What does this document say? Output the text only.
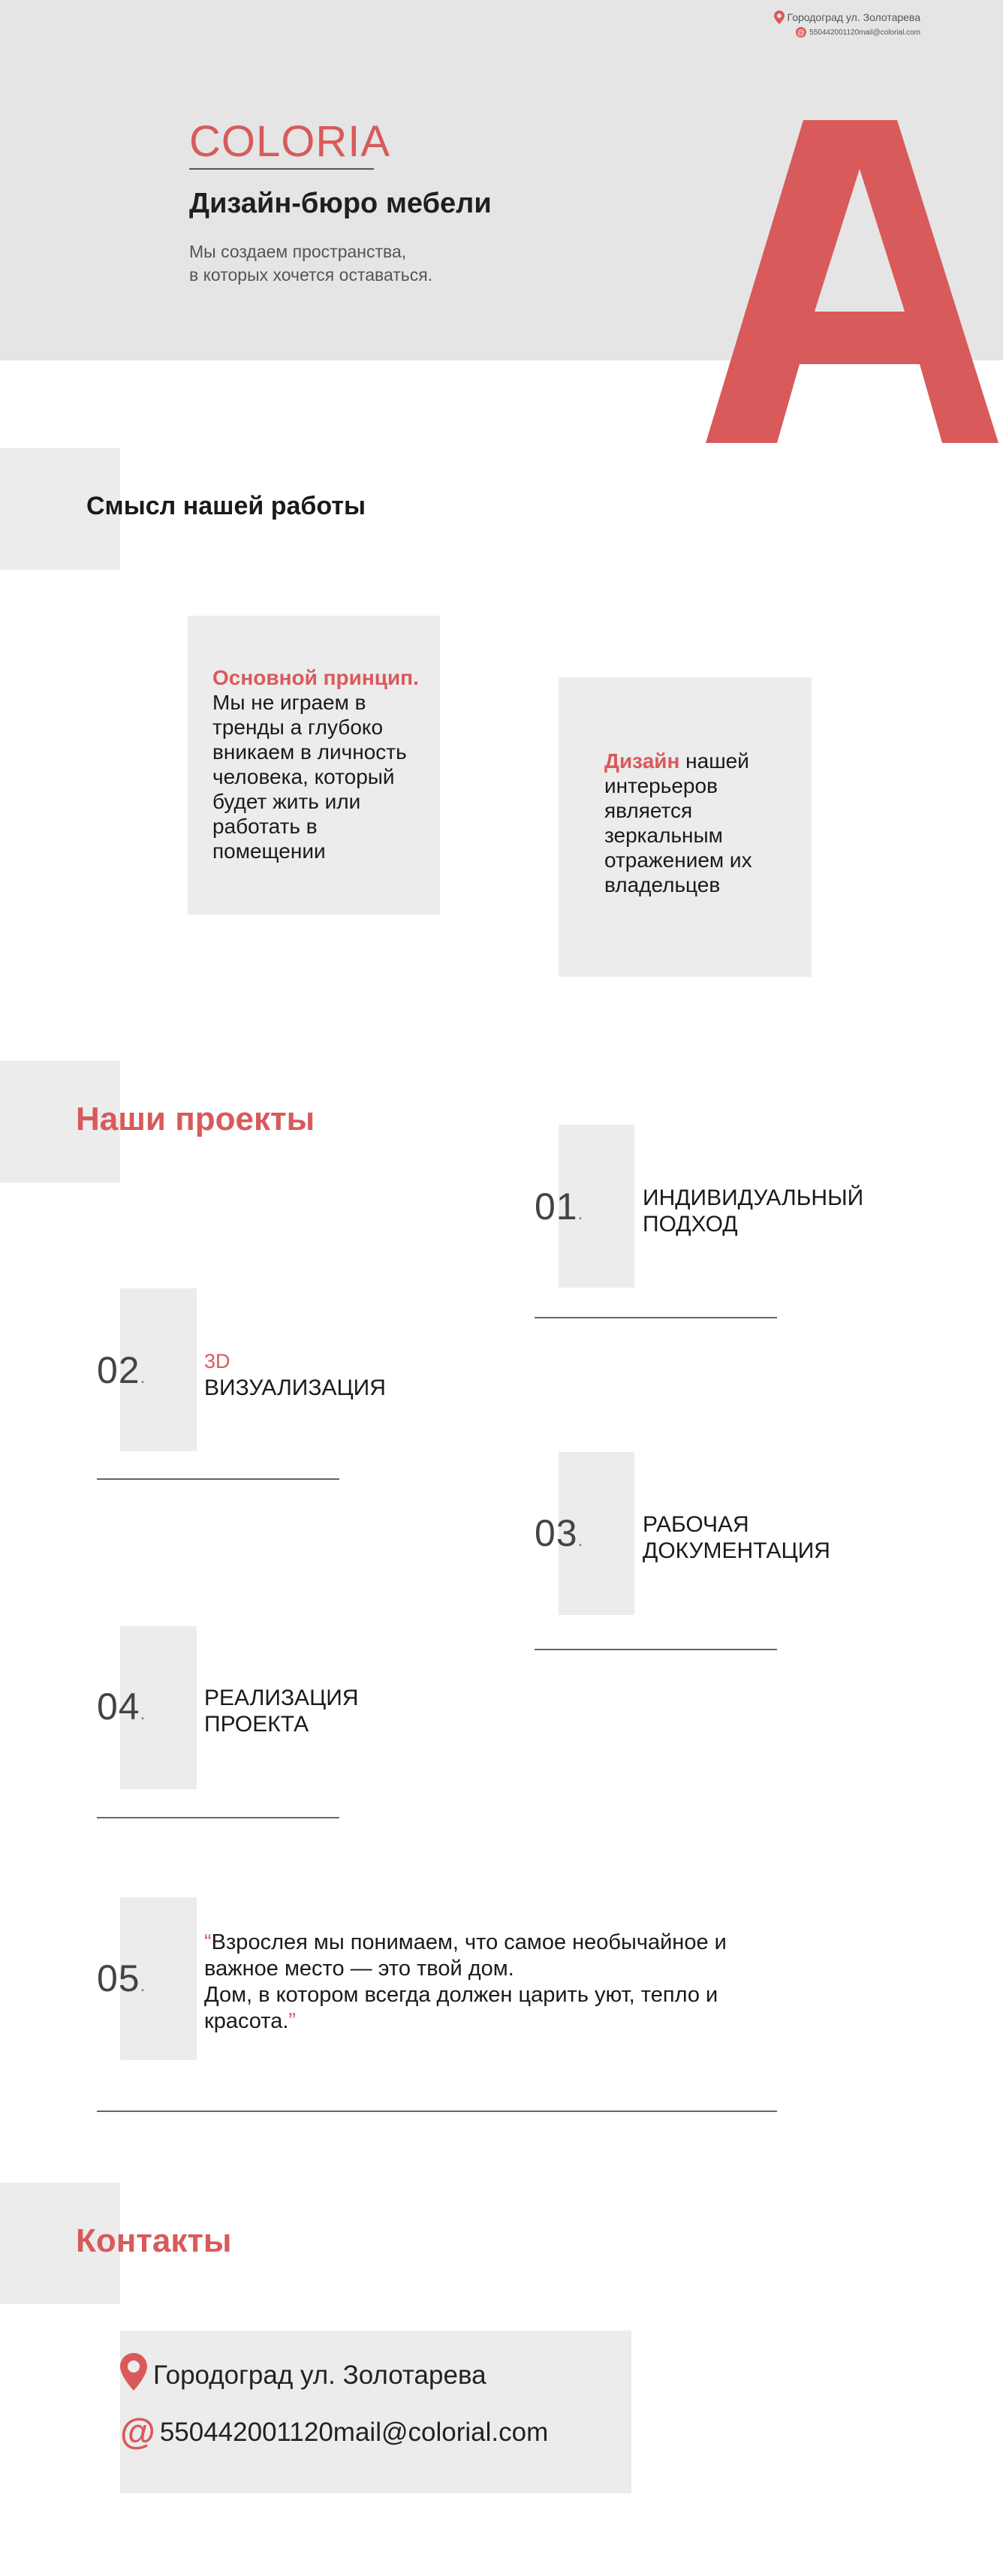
Городоград ул. Золотарева
@ 550442001120mail@colorial.com
COLORIA
Дизайн-бюро мебели
Мы создаем пространства,
в которых хочется оставаться.
Смысл нашей работы
Основной принцип.
Мы не играем в тренды а глубоко вникаем в личность человека, который будет жить или работать в помещении
Дизайн нашей интерьеров является зеркальным отражением их владельцев
Наши проекты
01.
ИНДИВИДУАЛЬНЫЙ
ПОДХОД
02.
3D
ВИЗУАЛИЗАЦИЯ
03.
РАБОЧАЯ
ДОКУМЕНТАЦИЯ
04.
РЕАЛИЗАЦИЯ
ПРОЕКТА
05.
“Взрослея мы понимаем, что самое необычайное и
важное место — это твой дом.
Дом, в котором всегда должен царить уют, тепло и
красота.”
Контакты
Городоград ул. Золотарева
@ 550442001120mail@colorial.com
